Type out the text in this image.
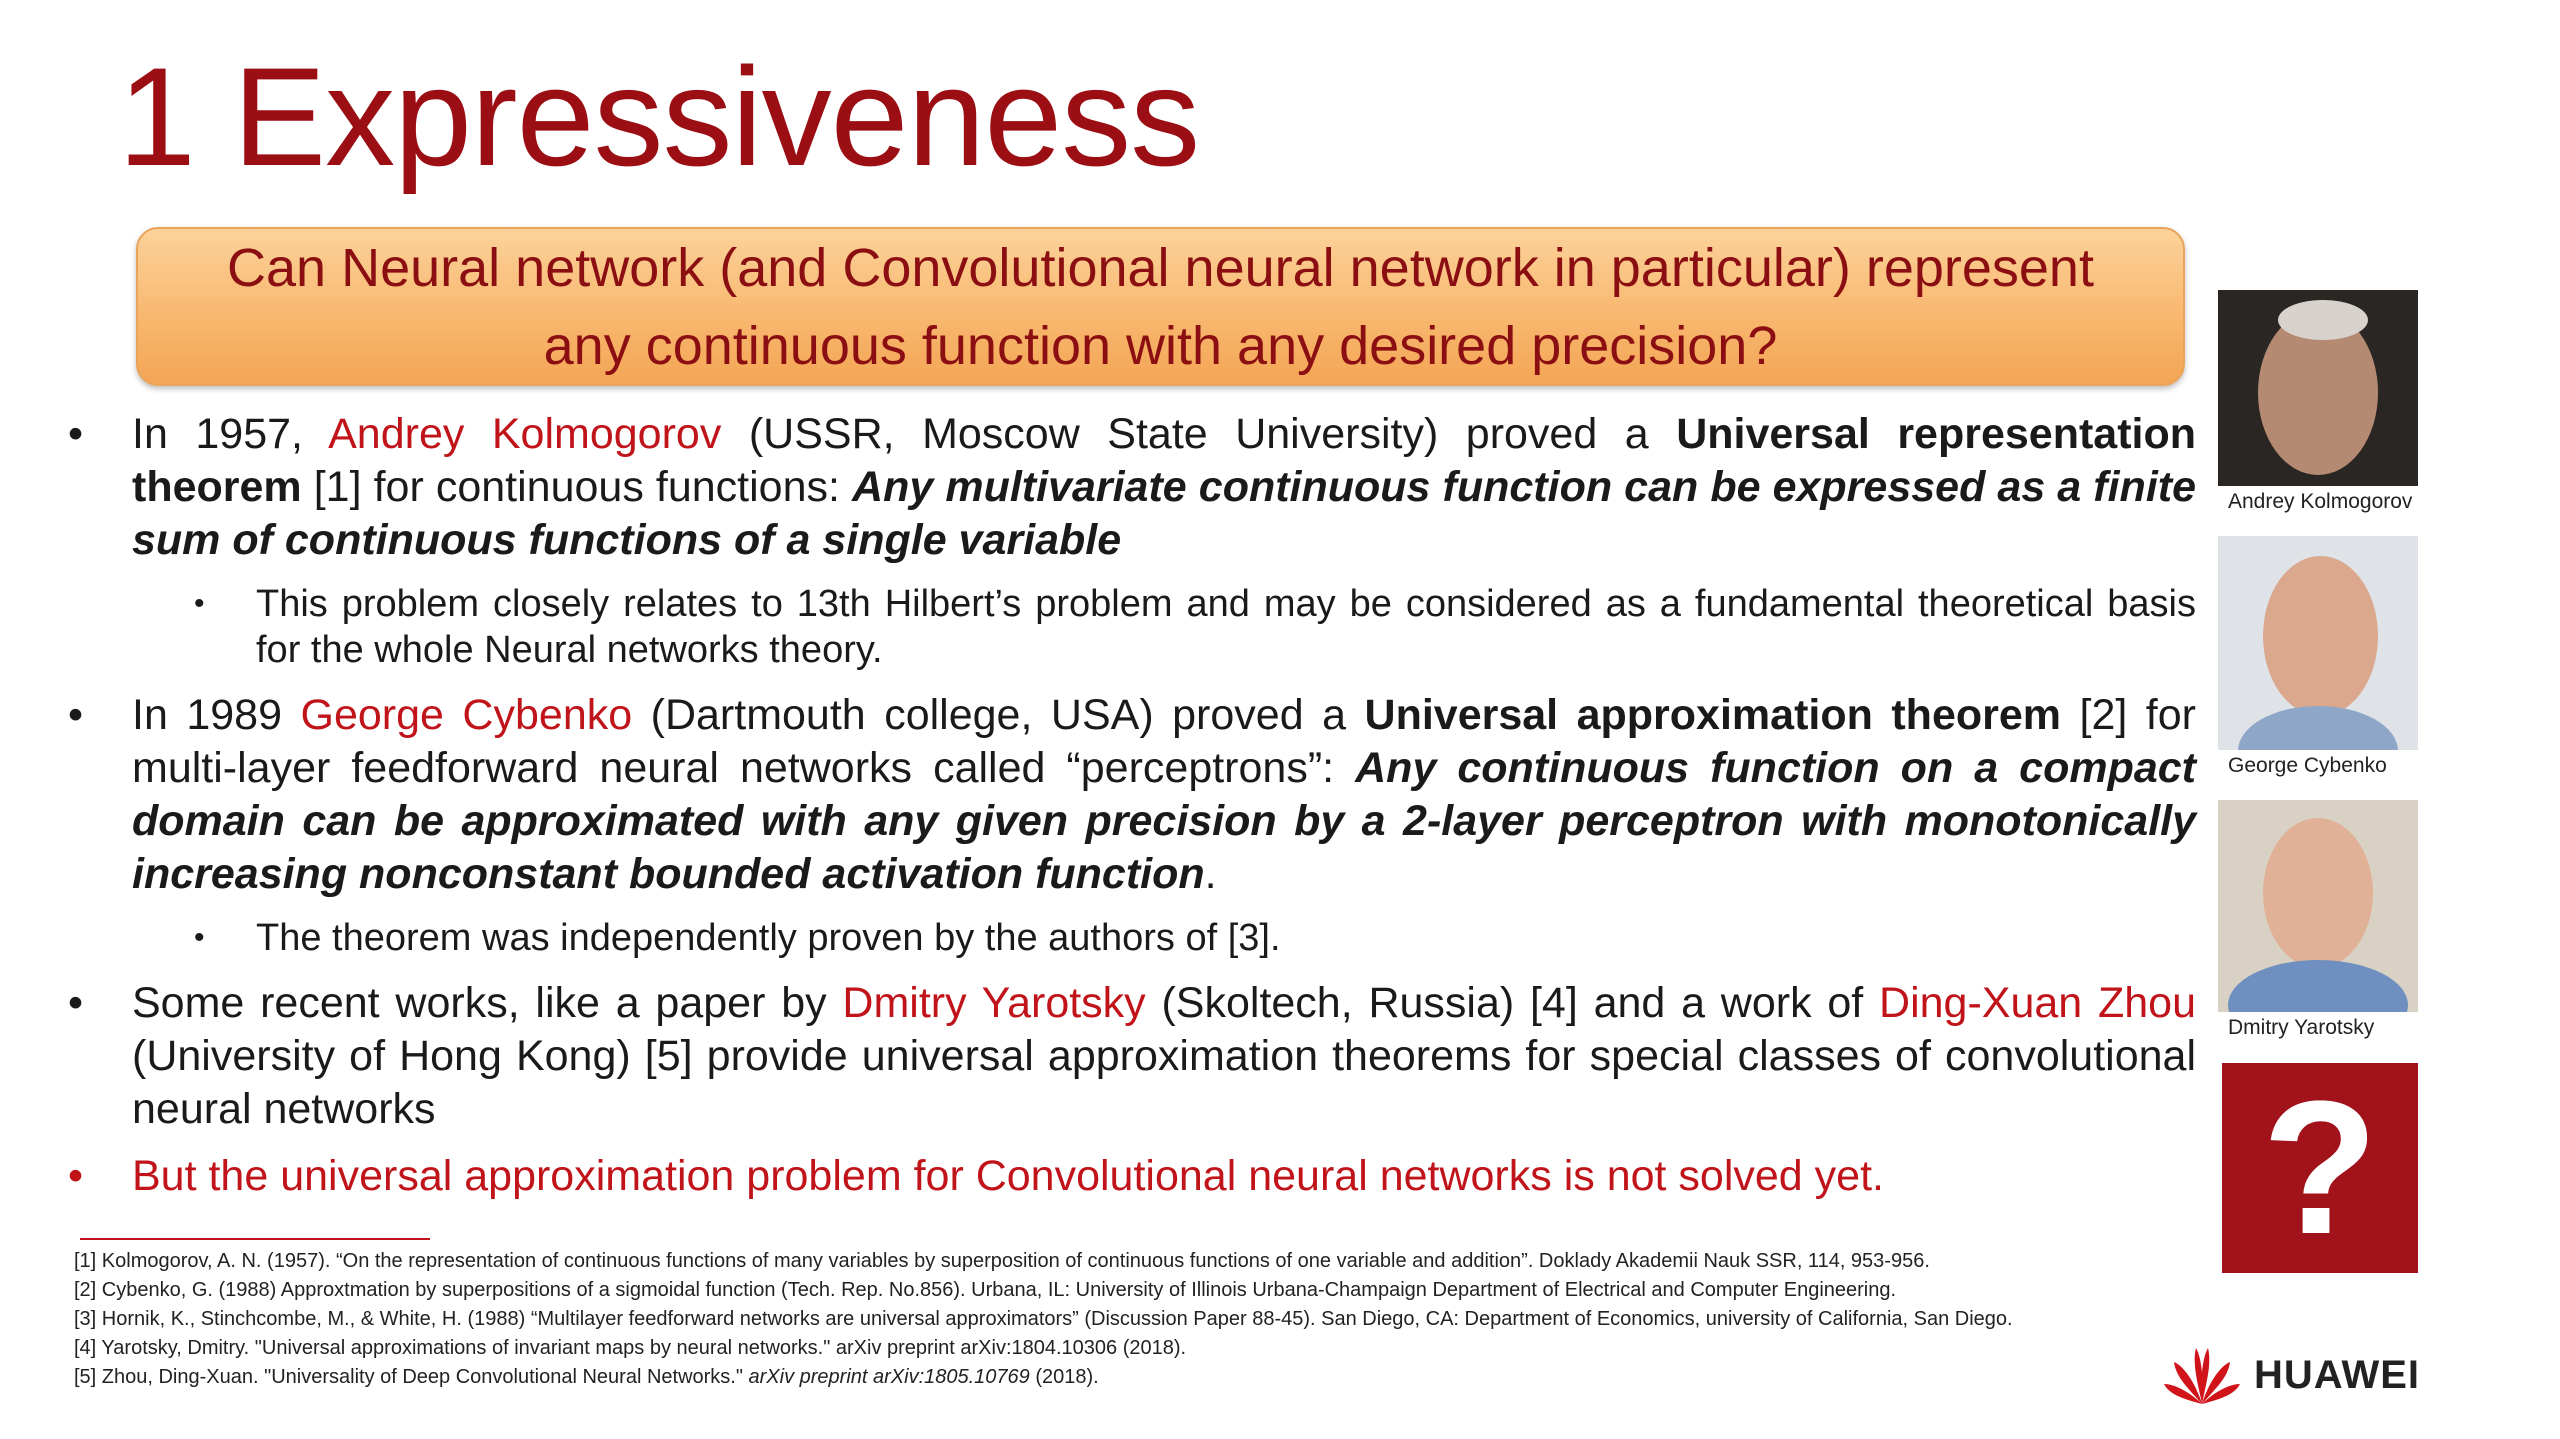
1 Expressiveness
Can Neural network (and Convolutional neural network in particular) represent any continuous function with any desired precision?
• In 1957, Andrey Kolmogorov (USSR, Moscow State University) proved a Universal representation theorem [1] for continuous functions: Any multivariate continuous function can be expressed as a finite sum of continuous functions of a single variable
• This problem closely relates to 13th Hilbert’s problem and may be considered as a fundamental theoretical basis for the whole Neural networks theory.
• In 1989 George Cybenko (Dartmouth college, USA) proved a Universal approximation theorem [2] for multi-layer feedforward neural networks called “perceptrons”: Any continuous function on a compact domain can be approximated with any given precision by a 2-layer perceptron with monotonically increasing nonconstant bounded activation function.
• The theorem was independently proven by the authors of [3].
• Some recent works, like a paper by Dmitry Yarotsky (Skoltech, Russia) [4] and a work of Ding-Xuan Zhou (University of Hong Kong) [5] provide universal approximation theorems for special classes of convolutional neural networks
• But the universal approximation problem for Convolutional neural networks is not solved yet.
Andrey Kolmogorov
George Cybenko
Dmitry Yarotsky
?
[1] Kolmogorov, A. N. (1957). “On the representation of continuous functions of many variables by superposition of continuous functions of one variable and addition”. Doklady Akademii Nauk SSR, 114, 953-956.
[2] Cybenko, G. (1988) Approxtmation by superpositions of a sigmoidal function (Tech. Rep. No.856). Urbana, IL: University of Illinois Urbana-Champaign Department of Electrical and Computer Engineering.
[3] Hornik, K., Stinchcombe, M., & White, H. (1988) “Multilayer feedforward networks are universal approximators” (Discussion Paper 88-45). San Diego, CA: Department of Economics, university of California, San Diego.
[4] Yarotsky, Dmitry. "Universal approximations of invariant maps by neural networks." arXiv preprint arXiv:1804.10306 (2018).
[5] Zhou, Ding-Xuan. "Universality of Deep Convolutional Neural Networks." arXiv preprint arXiv:1805.10769 (2018).	HUAWEI
